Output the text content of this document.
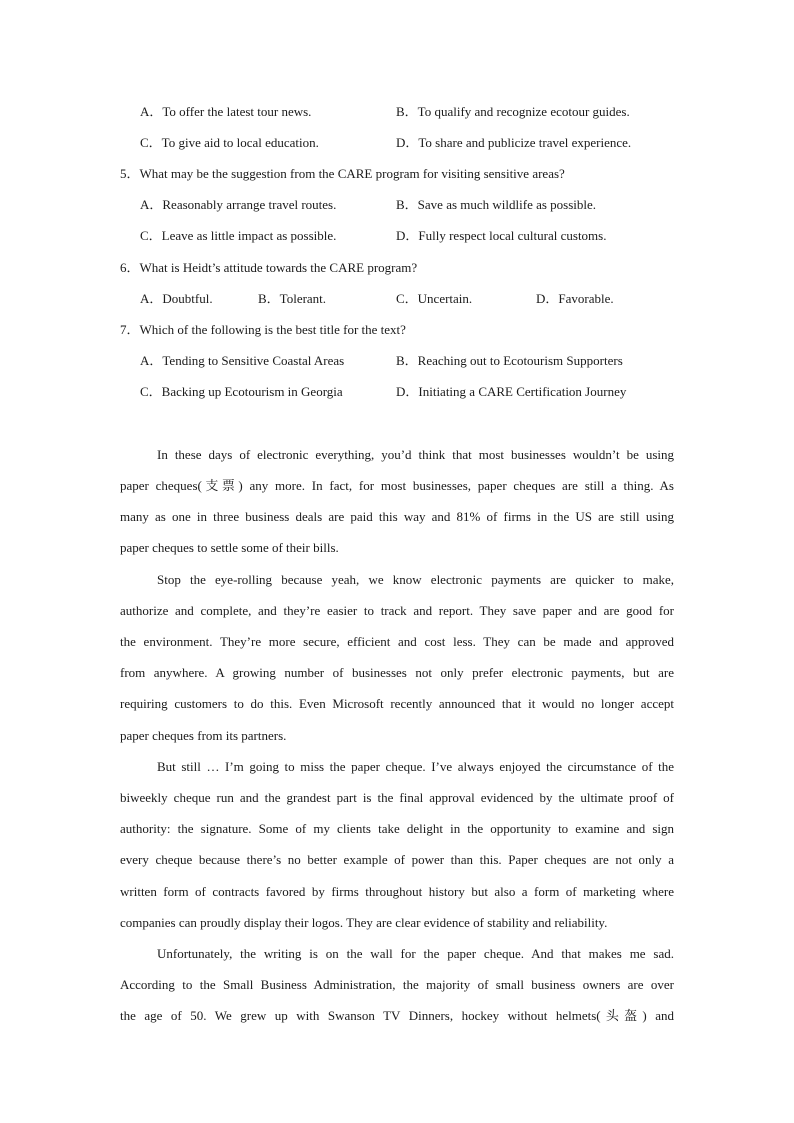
A．To offer the latest tour news.	B．To qualify and recognize ecotour guides.
C．To give aid to local education.	D．To share and publicize travel experience.
5．What may be the suggestion from the CARE program for visiting sensitive areas?
A．Reasonably arrange travel routes.	B．Save as much wildlife as possible.
C．Leave as little impact as possible.	D．Fully respect local cultural customs.
6．What is Heidt’s attitude towards the CARE program?
A．Doubtful.	B．Tolerant.	C．Uncertain.	D．Favorable.
7．Which of the following is the best title for the text?
A．Tending to Sensitive Coastal Areas	B．Reaching out to Ecotourism Supporters
C．Backing up Ecotourism in Georgia	D．Initiating a CARE Certification Journey
In these days of electronic everything, you’d think that most businesses wouldn’t be using
paper cheques(支票) any more. In fact, for most businesses, paper cheques are still a thing. As
many as one in three business deals are paid this way and 81% of firms in the US are still using
paper cheques to settle some of their bills.
Stop the eye-rolling because yeah, we know electronic payments are quicker to make,
authorize and complete, and they’re easier to track and report. They save paper and are good for
the environment. They’re more secure, efficient and cost less. They can be made and approved
from anywhere. A growing number of businesses not only prefer electronic payments, but are
requiring customers to do this. Even Microsoft recently announced that it would no longer accept
paper cheques from its partners.
But still … I’m going to miss the paper cheque. I’ve always enjoyed the circumstance of the
biweekly cheque run and the grandest part is the final approval evidenced by the ultimate proof of
authority: the signature. Some of my clients take delight in the opportunity to examine and sign
every cheque because there’s no better example of power than this. Paper cheques are not only a
written form of contracts favored by firms throughout history but also a form of marketing where
companies can proudly display their logos. They are clear evidence of stability and reliability.
Unfortunately, the writing is on the wall for the paper cheque. And that makes me sad.
According to the Small Business Administration, the majority of small business owners are over
the age of 50. We grew up with Swanson TV Dinners, hockey without helmets(头盔) and
